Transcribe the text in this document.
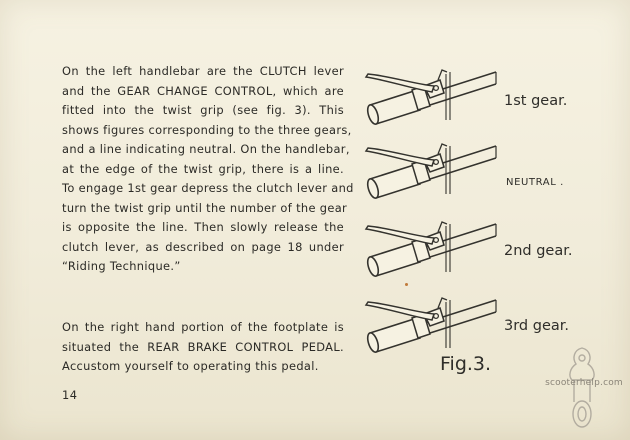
On the left handlebar are the CLUTCH lever
and the GEAR CHANGE CONTROL, which are
fitted into the twist grip (see fig. 3). This
shows figures corresponding to the three gears,
and a line indicating neutral. On the handlebar,
at the edge of the twist grip, there is a line.
To engage 1st gear depress the clutch lever and
turn the twist grip until the number of the gear
is opposite the line. Then slowly release the
clutch lever, as described on page 18 under
“Riding Technique.”

On the right hand portion of the footplate is
situated the REAR BRAKE CONTROL PEDAL.
Accustom yourself to operating this pedal.

14
1st gear.
NEUTRAL .
2nd gear.
3rd gear.
Fig.3.
scooterhelp.com
